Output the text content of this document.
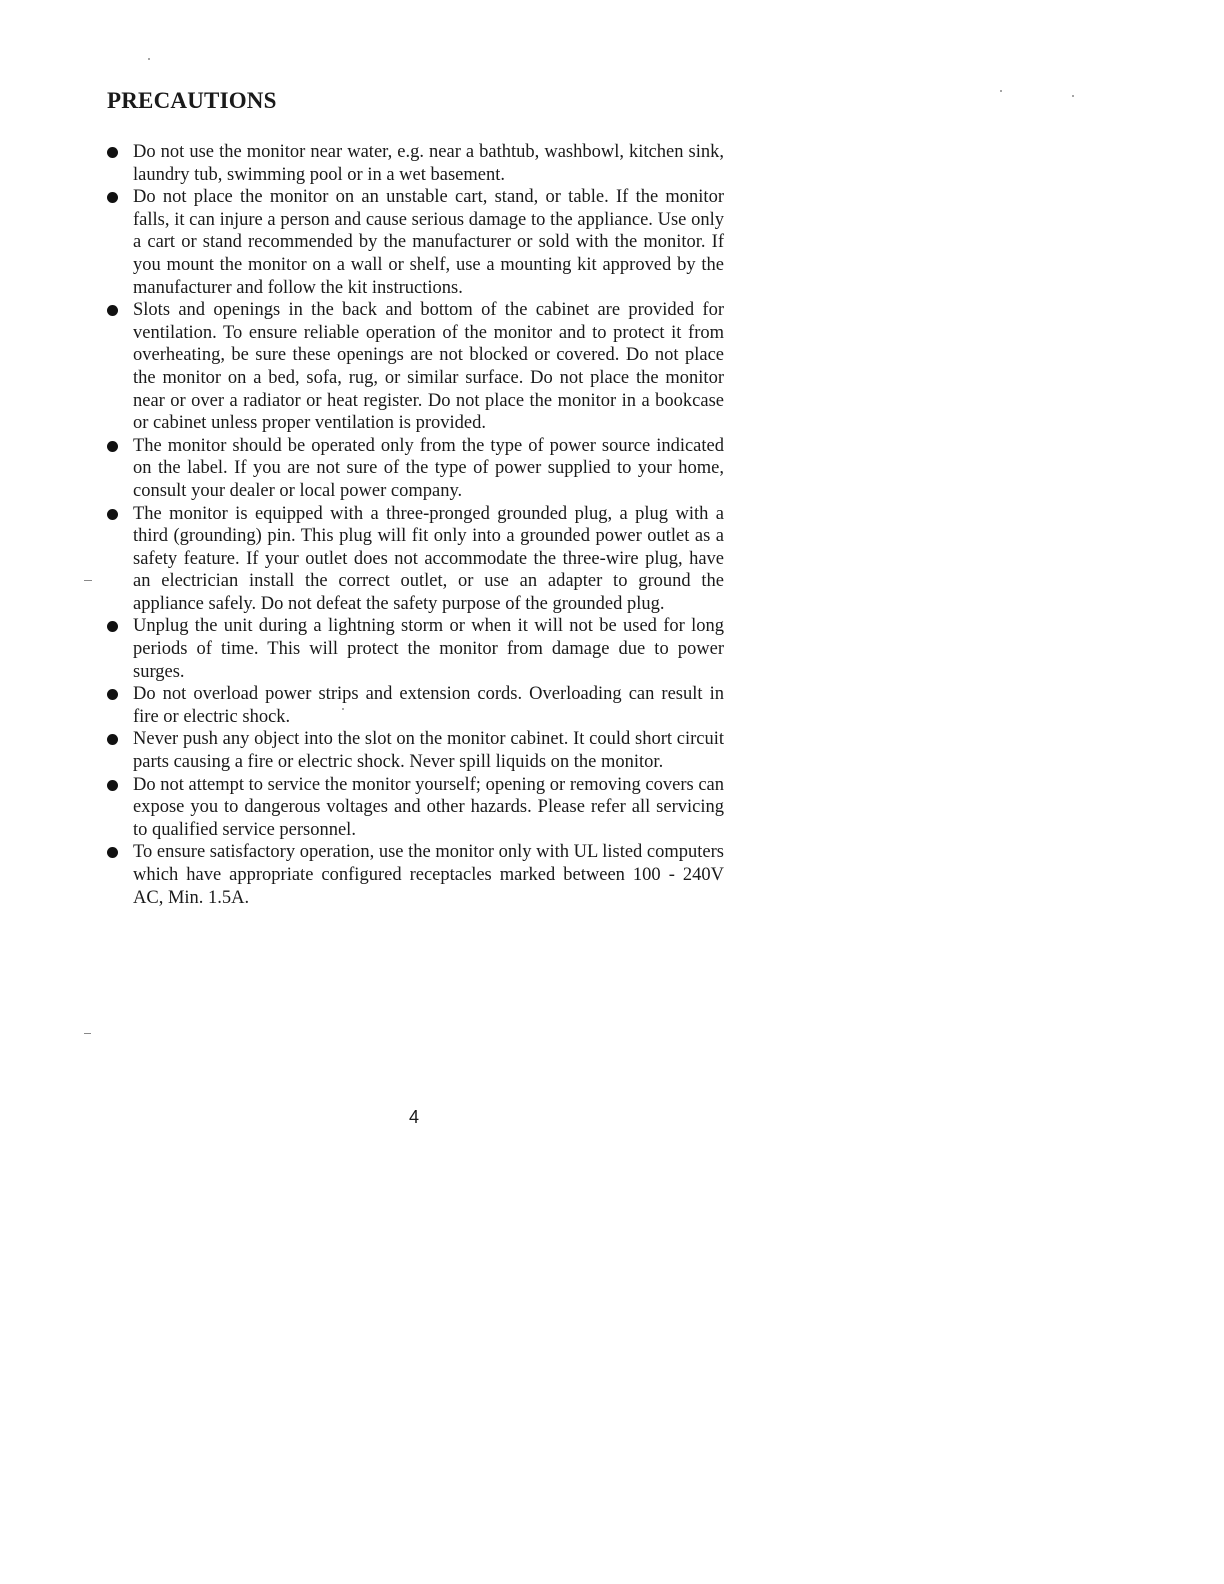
PRECAUTIONS
Do not use the monitor near water, e.g. near a bathtub, washbowl, kitchen sink, laundry tub, swimming pool or in a wet basement.
Do not place the monitor on an unstable cart, stand, or table. If the monitor falls, it can injure a person and cause serious damage to the appliance. Use only a cart or stand recommended by the manufacturer or sold with the monitor. If you mount the monitor on a wall or shelf, use a mounting kit approved by the manufacturer and follow the kit instructions.
Slots and openings in the back and bottom of the cabinet are provided for ventilation. To ensure reliable operation of the monitor and to protect it from overheating, be sure these openings are not blocked or covered. Do not place the monitor on a bed, sofa, rug, or similar surface. Do not place the monitor near or over a radiator or heat register. Do not place the monitor in a bookcase or cabinet unless proper ventilation is provided.
The monitor should be operated only from the type of power source indicated on the label. If you are not sure of the type of power supplied to your home, consult your dealer or local power company.
The monitor is equipped with a three-pronged grounded plug, a plug with a third (grounding) pin. This plug will fit only into a grounded power outlet as a safety feature. If your outlet does not accommodate the three-wire plug, have an electrician install the correct outlet, or use an adapter to ground the appliance safely. Do not defeat the safety purpose of the grounded plug.
Unplug the unit during a lightning storm or when it will not be used for long periods of time. This will protect the monitor from damage due to power surges.
Do not overload power strips and extension cords. Overloading can result in fire or electric shock.
Never push any object into the slot on the monitor cabinet. It could short circuit parts causing a fire or electric shock. Never spill liquids on the monitor.
Do not attempt to service the monitor yourself; opening or removing covers can expose you to dangerous voltages and other hazards. Please refer all servicing to qualified service personnel.
To ensure satisfactory operation, use the monitor only with UL listed computers which have appropriate configured receptacles marked between 100 - 240V AC, Min. 1.5A.
4
